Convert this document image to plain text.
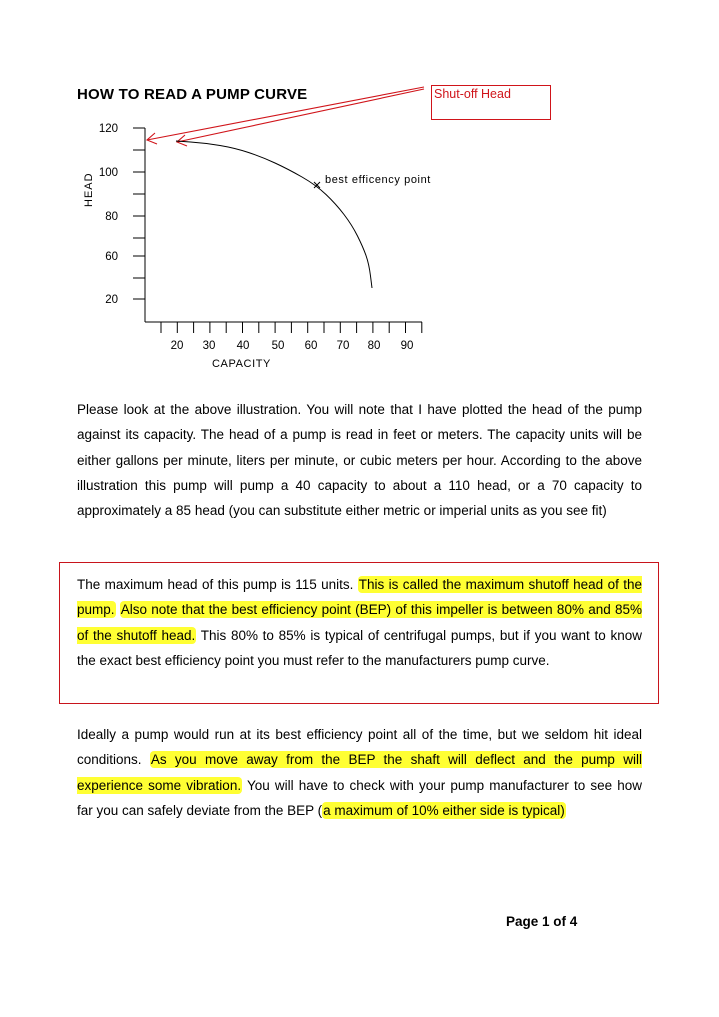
HOW TO READ A PUMP CURVE	Shut-off Head
120
100
80
60
20
20 30 40 50 60 70 80 90
best efficency point
HEAD
CAPACITY
Please look at the above illustration. You will note that I have plotted the head of the pump against its capacity. The head of a pump is read in feet or meters. The capacity units will be either gallons per minute, liters per minute, or cubic meters per hour. According to the above illustration this pump will pump a 40 capacity to about a 110 head, or a 70 capacity to approximately a 85 head (you can substitute either metric or imperial units as you see fit)
The maximum head of this pump is 115 units. This is called the maximum shutoff head of the pump. Also note that the best efficiency point (BEP) of this impeller is between 80% and 85% of the shutoff head. This 80% to 85% is typical of centrifugal pumps, but if you want to know the exact best efficiency point you must refer to the manufacturers pump curve.
Ideally a pump would run at its best efficiency point all of the time, but we seldom hit ideal conditions. As you move away from the BEP the shaft will deflect and the pump will experience some vibration. You will have to check with your pump manufacturer to see how far you can safely deviate from the BEP (a maximum of 10% either side is typical)
Page 1 of 4
